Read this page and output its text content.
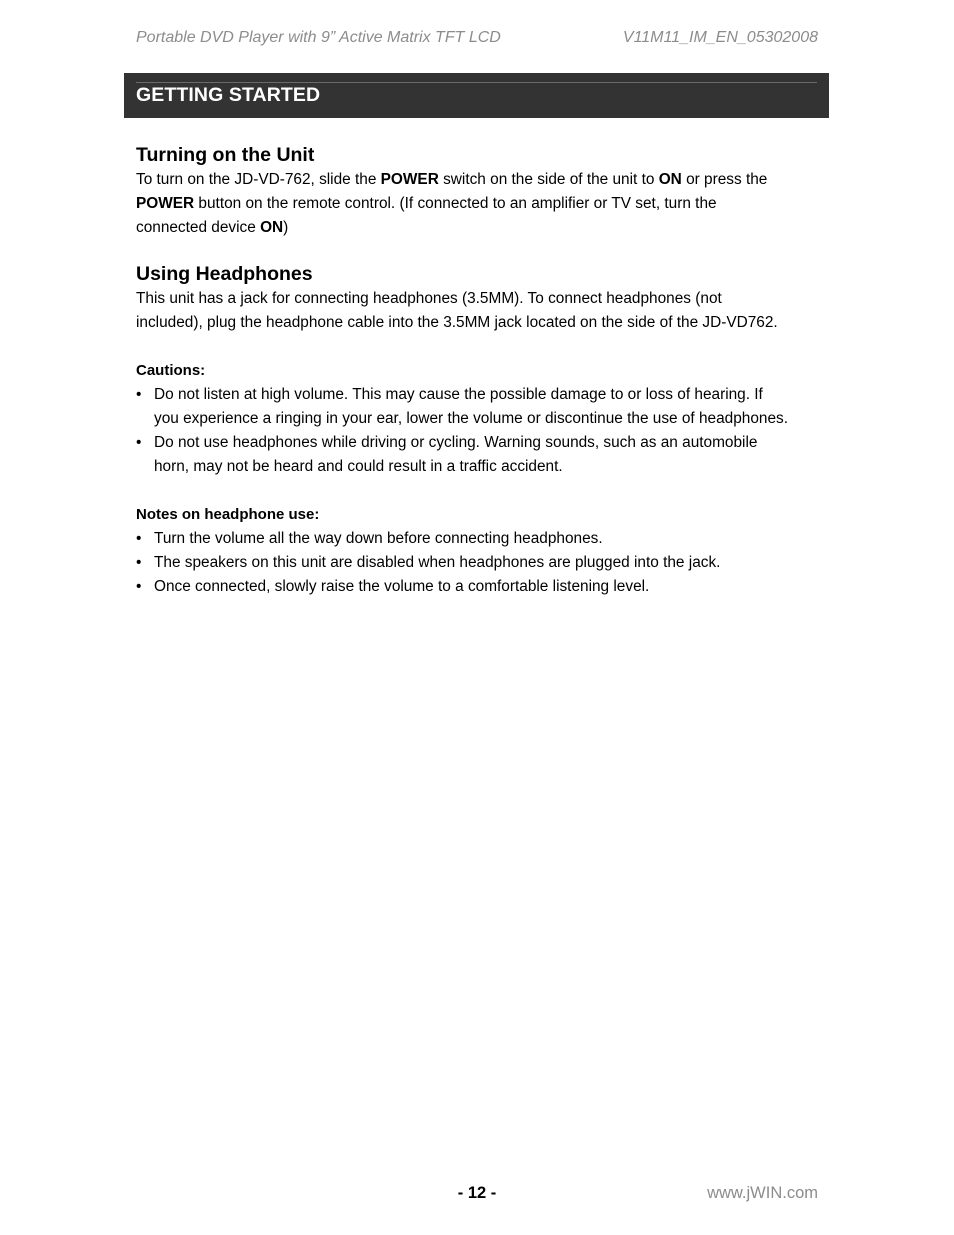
Portable DVD Player with 9” Active Matrix TFT LCD	V11M11_IM_EN_05302008
GETTING STARTED
Turning on the Unit

To turn on the JD-VD-762, slide the POWER switch on the side of the unit to ON or press the
POWER button on the remote control. (If connected to an amplifier or TV set, turn the
connected device ON)

Using Headphones

This unit has a jack for connecting headphones (3.5MM). To connect headphones (not
included), plug the headphone cable into the 3.5MM jack located on the side of the JD-VD762.

Cautions:
• Do not listen at high volume. This may cause the possible damage to or loss of hearing. If
you experience a ringing in your ear, lower the volume or discontinue the use of headphones.
• Do not use headphones while driving or cycling. Warning sounds, such as an automobile
horn, may not be heard and could result in a traffic accident.
Notes on headphone use:
• Turn the volume all the way down before connecting headphones.
• The speakers on this unit are disabled when headphones are plugged into the jack.
• Once connected, slowly raise the volume to a comfortable listening level.
- 12 -	www.jWIN.com
